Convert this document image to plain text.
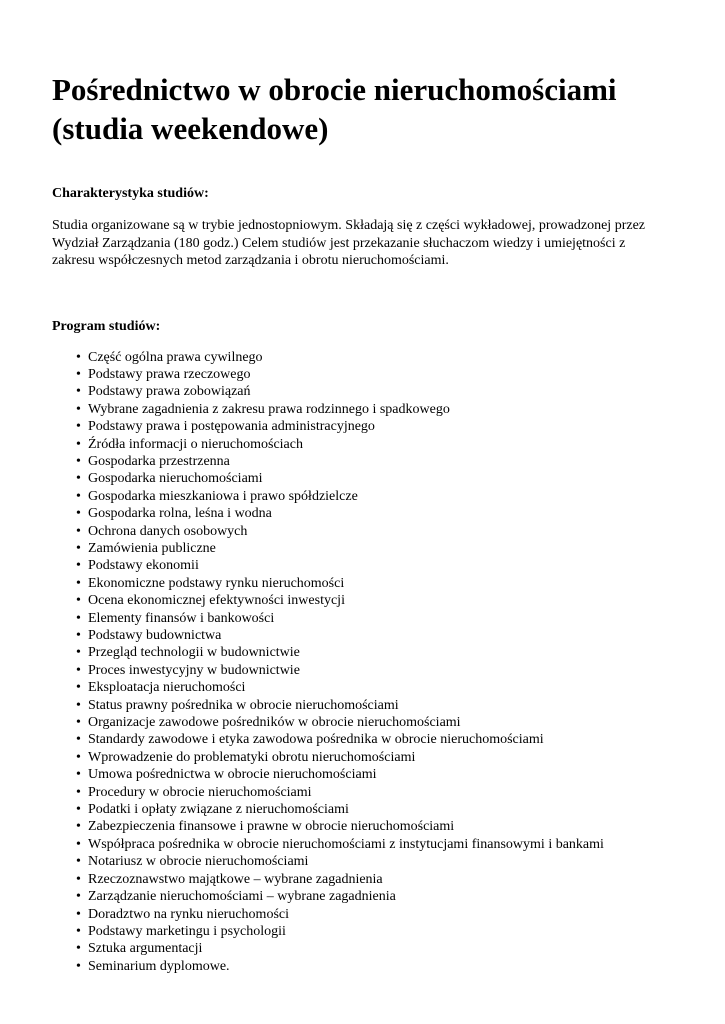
Pośrednictwo w obrocie nieruchomościami (studia weekendowe)
Charakterystyka studiów:

Studia organizowane są w trybie jednostopniowym. Składają się z części wykładowej, prowadzonej przez Wydział Zarządzania (180 godz.) Celem studiów jest przekazanie słuchaczom wiedzy i umiejętności z zakresu współczesnych metod zarządzania i obrotu nieruchomościami.

Program studiów:
• Część ogólna prawa cywilnego
• Podstawy prawa rzeczowego
• Podstawy prawa zobowiązań
• Wybrane zagadnienia z zakresu prawa rodzinnego i spadkowego
• Podstawy prawa i postępowania administracyjnego
• Źródła informacji o nieruchomościach
• Gospodarka przestrzenna
• Gospodarka nieruchomościami
• Gospodarka mieszkaniowa i prawo spółdzielcze
• Gospodarka rolna, leśna i wodna
• Ochrona danych osobowych
• Zamówienia publiczne
• Podstawy ekonomii
• Ekonomiczne podstawy rynku nieruchomości
• Ocena ekonomicznej efektywności inwestycji
• Elementy finansów i bankowości
• Podstawy budownictwa
• Przegląd technologii w budownictwie
• Proces inwestycyjny w budownictwie
• Eksploatacja nieruchomości
• Status prawny pośrednika w obrocie nieruchomościami
• Organizacje zawodowe pośredników w obrocie nieruchomościami
• Standardy zawodowe i etyka zawodowa pośrednika w obrocie nieruchomościami
• Wprowadzenie do problematyki obrotu nieruchomościami
• Umowa pośrednictwa w obrocie nieruchomościami
• Procedury w obrocie nieruchomościami
• Podatki i opłaty związane z nieruchomościami
• Zabezpieczenia finansowe i prawne w obrocie nieruchomościami
• Współpraca pośrednika w obrocie nieruchomościami z instytucjami finansowymi i bankami
• Notariusz w obrocie nieruchomościami
• Rzeczoznawstwo majątkowe – wybrane zagadnienia
• Zarządzanie nieruchomościami – wybrane zagadnienia
• Doradztwo na rynku nieruchomości
• Podstawy marketingu i psychologii
• Sztuka argumentacji
• Seminarium dyplomowe.
